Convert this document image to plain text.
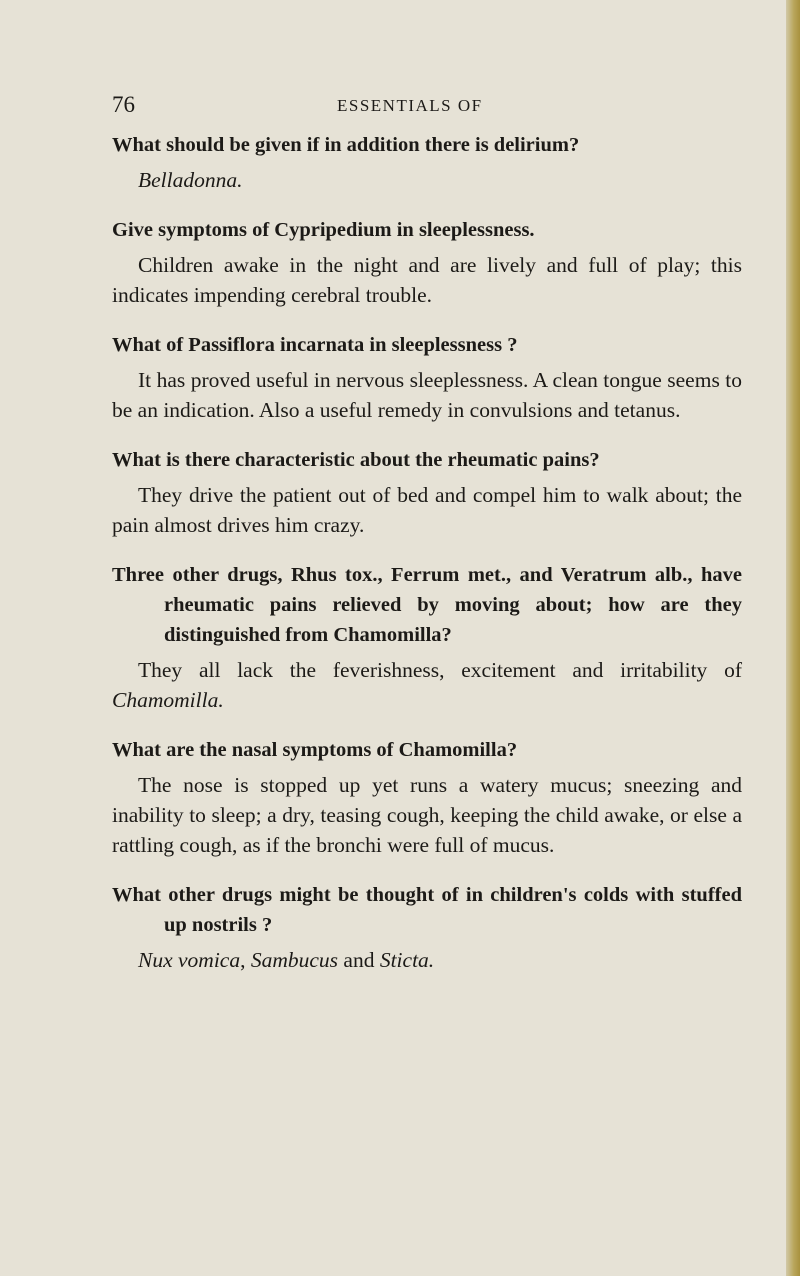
76	ESSENTIALS OF

What should be given if in addition there is delirium?

Belladonna.

Give symptoms of Cypripedium in sleeplessness.

Children awake in the night and are lively and full of play; this indicates impending cerebral trouble.

What of Passiflora incarnata in sleeplessness ?

It has proved useful in nervous sleeplessness. A clean tongue seems to be an indication. Also a useful remedy in convulsions and tetanus.

What is there characteristic about the rheumatic pains?

They drive the patient out of bed and compel him to walk about; the pain almost drives him crazy.

Three other drugs, Rhus tox., Ferrum met., and Veratrum alb., have rheumatic pains relieved by moving about; how are they distinguished from Chamomilla?

They all lack the feverishness, excitement and irritability of Chamomilla.

What are the nasal symptoms of Chamomilla?

The nose is stopped up yet runs a watery mucus; sneezing and inability to sleep; a dry, teasing cough, keeping the child awake, or else a rattling cough, as if the bronchi were full of mucus.

What other drugs might be thought of in children's colds with stuffed up nostrils ?

Nux vomica, Sambucus and Sticta.
